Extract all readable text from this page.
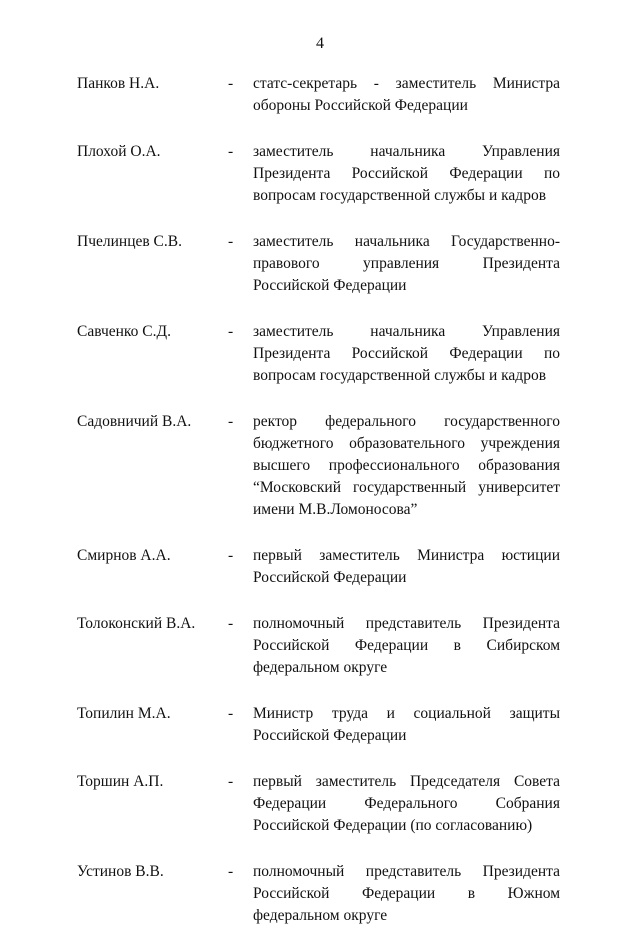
4
Панков Н.А.	-	статс-секретарь - заместитель Министра обороны Российской Федерации
Плохой О.А.	-	заместитель начальника Управления Президента Российской Федерации по вопросам государственной службы и кадров
Пчелинцев С.В.	-	заместитель начальника Государственно-правового управления Президента Российской Федерации
Савченко С.Д.	-	заместитель начальника Управления Президента Российской Федерации по вопросам государственной службы и кадров
Садовничий В.А.	-	ректор федерального государственного бюджетного образовательного учреждения высшего профессионального образования “Московский государственный университет имени М.В.Ломоносова”
Смирнов А.А.	-	первый заместитель Министра юстиции Российской Федерации
Толоконский В.А.	-	полномочный представитель Президента Российской Федерации в Сибирском федеральном округе
Топилин М.А.	-	Министр труда и социальной защиты Российской Федерации
Торшин А.П.	-	первый заместитель Председателя Совета Федерации Федерального Собрания Российской Федерации (по согласованию)
Устинов В.В.	-	полномочный представитель Президента Российской Федерации в Южном федеральном округе
